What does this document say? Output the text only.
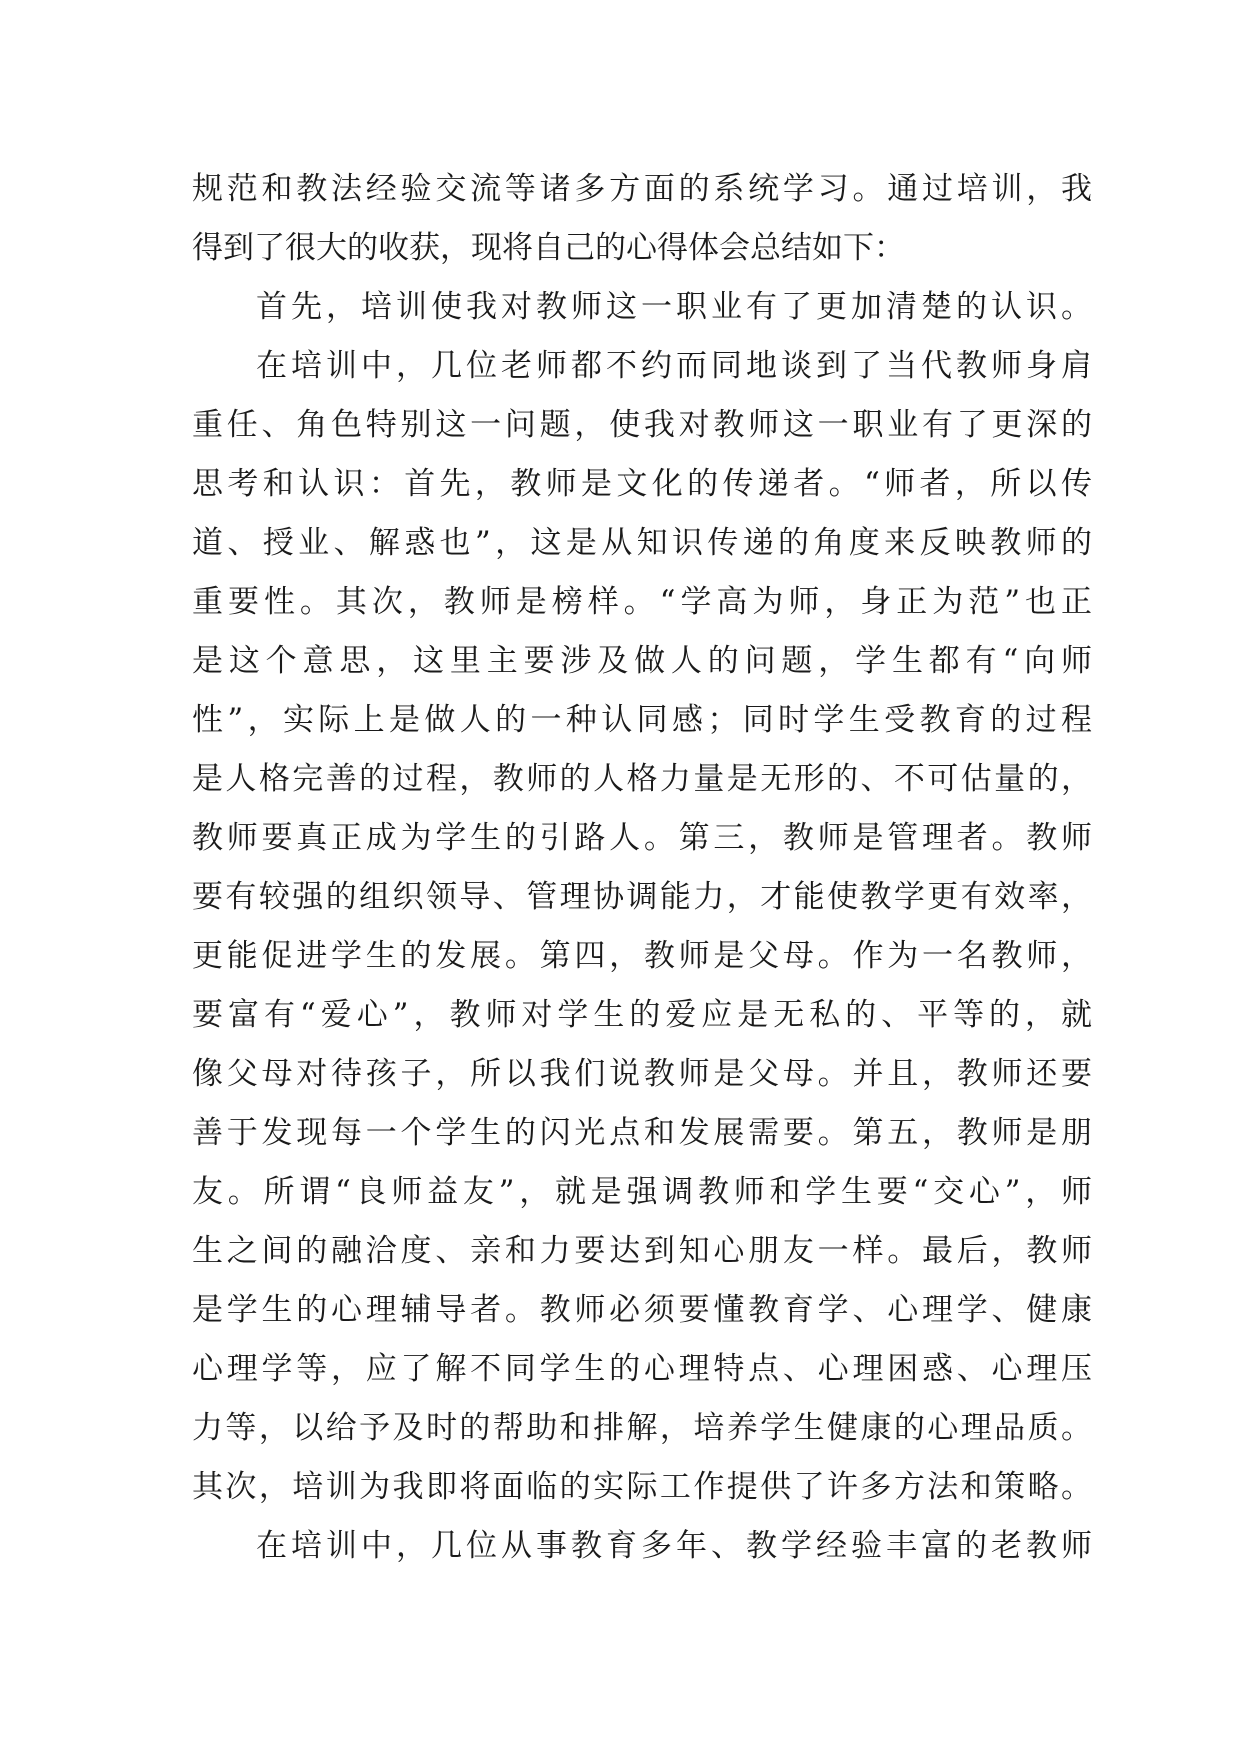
规范和教法经验交流等诸多方面的系统学习。通过培训，我
得到了很大的收获，现将自己的心得体会总结如下：
首先，培训使我对教师这一职业有了更加清楚的认识。
在培训中，几位老师都不约而同地谈到了当代教师身肩
重任、角色特别这一问题，使我对教师这一职业有了更深的
思考和认识：首先，教师是文化的传递者。“师者，所以传
道、授业、解惑也”，这是从知识传递的角度来反映教师的
重要性。其次，教师是榜样。“学高为师，身正为范”也正
是这个意思，这里主要涉及做人的问题，学生都有“向师
性”，实际上是做人的一种认同感；同时学生受教育的过程
是人格完善的过程，教师的人格力量是无形的、不可估量的，
教师要真正成为学生的引路人。第三，教师是管理者。教师
要有较强的组织领导、管理协调能力，才能使教学更有效率，
更能促进学生的发展。第四，教师是父母。作为一名教师，
要富有“爱心”，教师对学生的爱应是无私的、平等的，就
像父母对待孩子，所以我们说教师是父母。并且，教师还要
善于发现每一个学生的闪光点和发展需要。第五，教师是朋
友。所谓“良师益友”，就是强调教师和学生要“交心”，师
生之间的融洽度、亲和力要达到知心朋友一样。最后，教师
是学生的心理辅导者。教师必须要懂教育学、心理学、健康
心理学等，应了解不同学生的心理特点、心理困惑、心理压
力等，以给予及时的帮助和排解，培养学生健康的心理品质。
其次，培训为我即将面临的实际工作提供了许多方法和策略。
在培训中，几位从事教育多年、教学经验丰富的老教师
